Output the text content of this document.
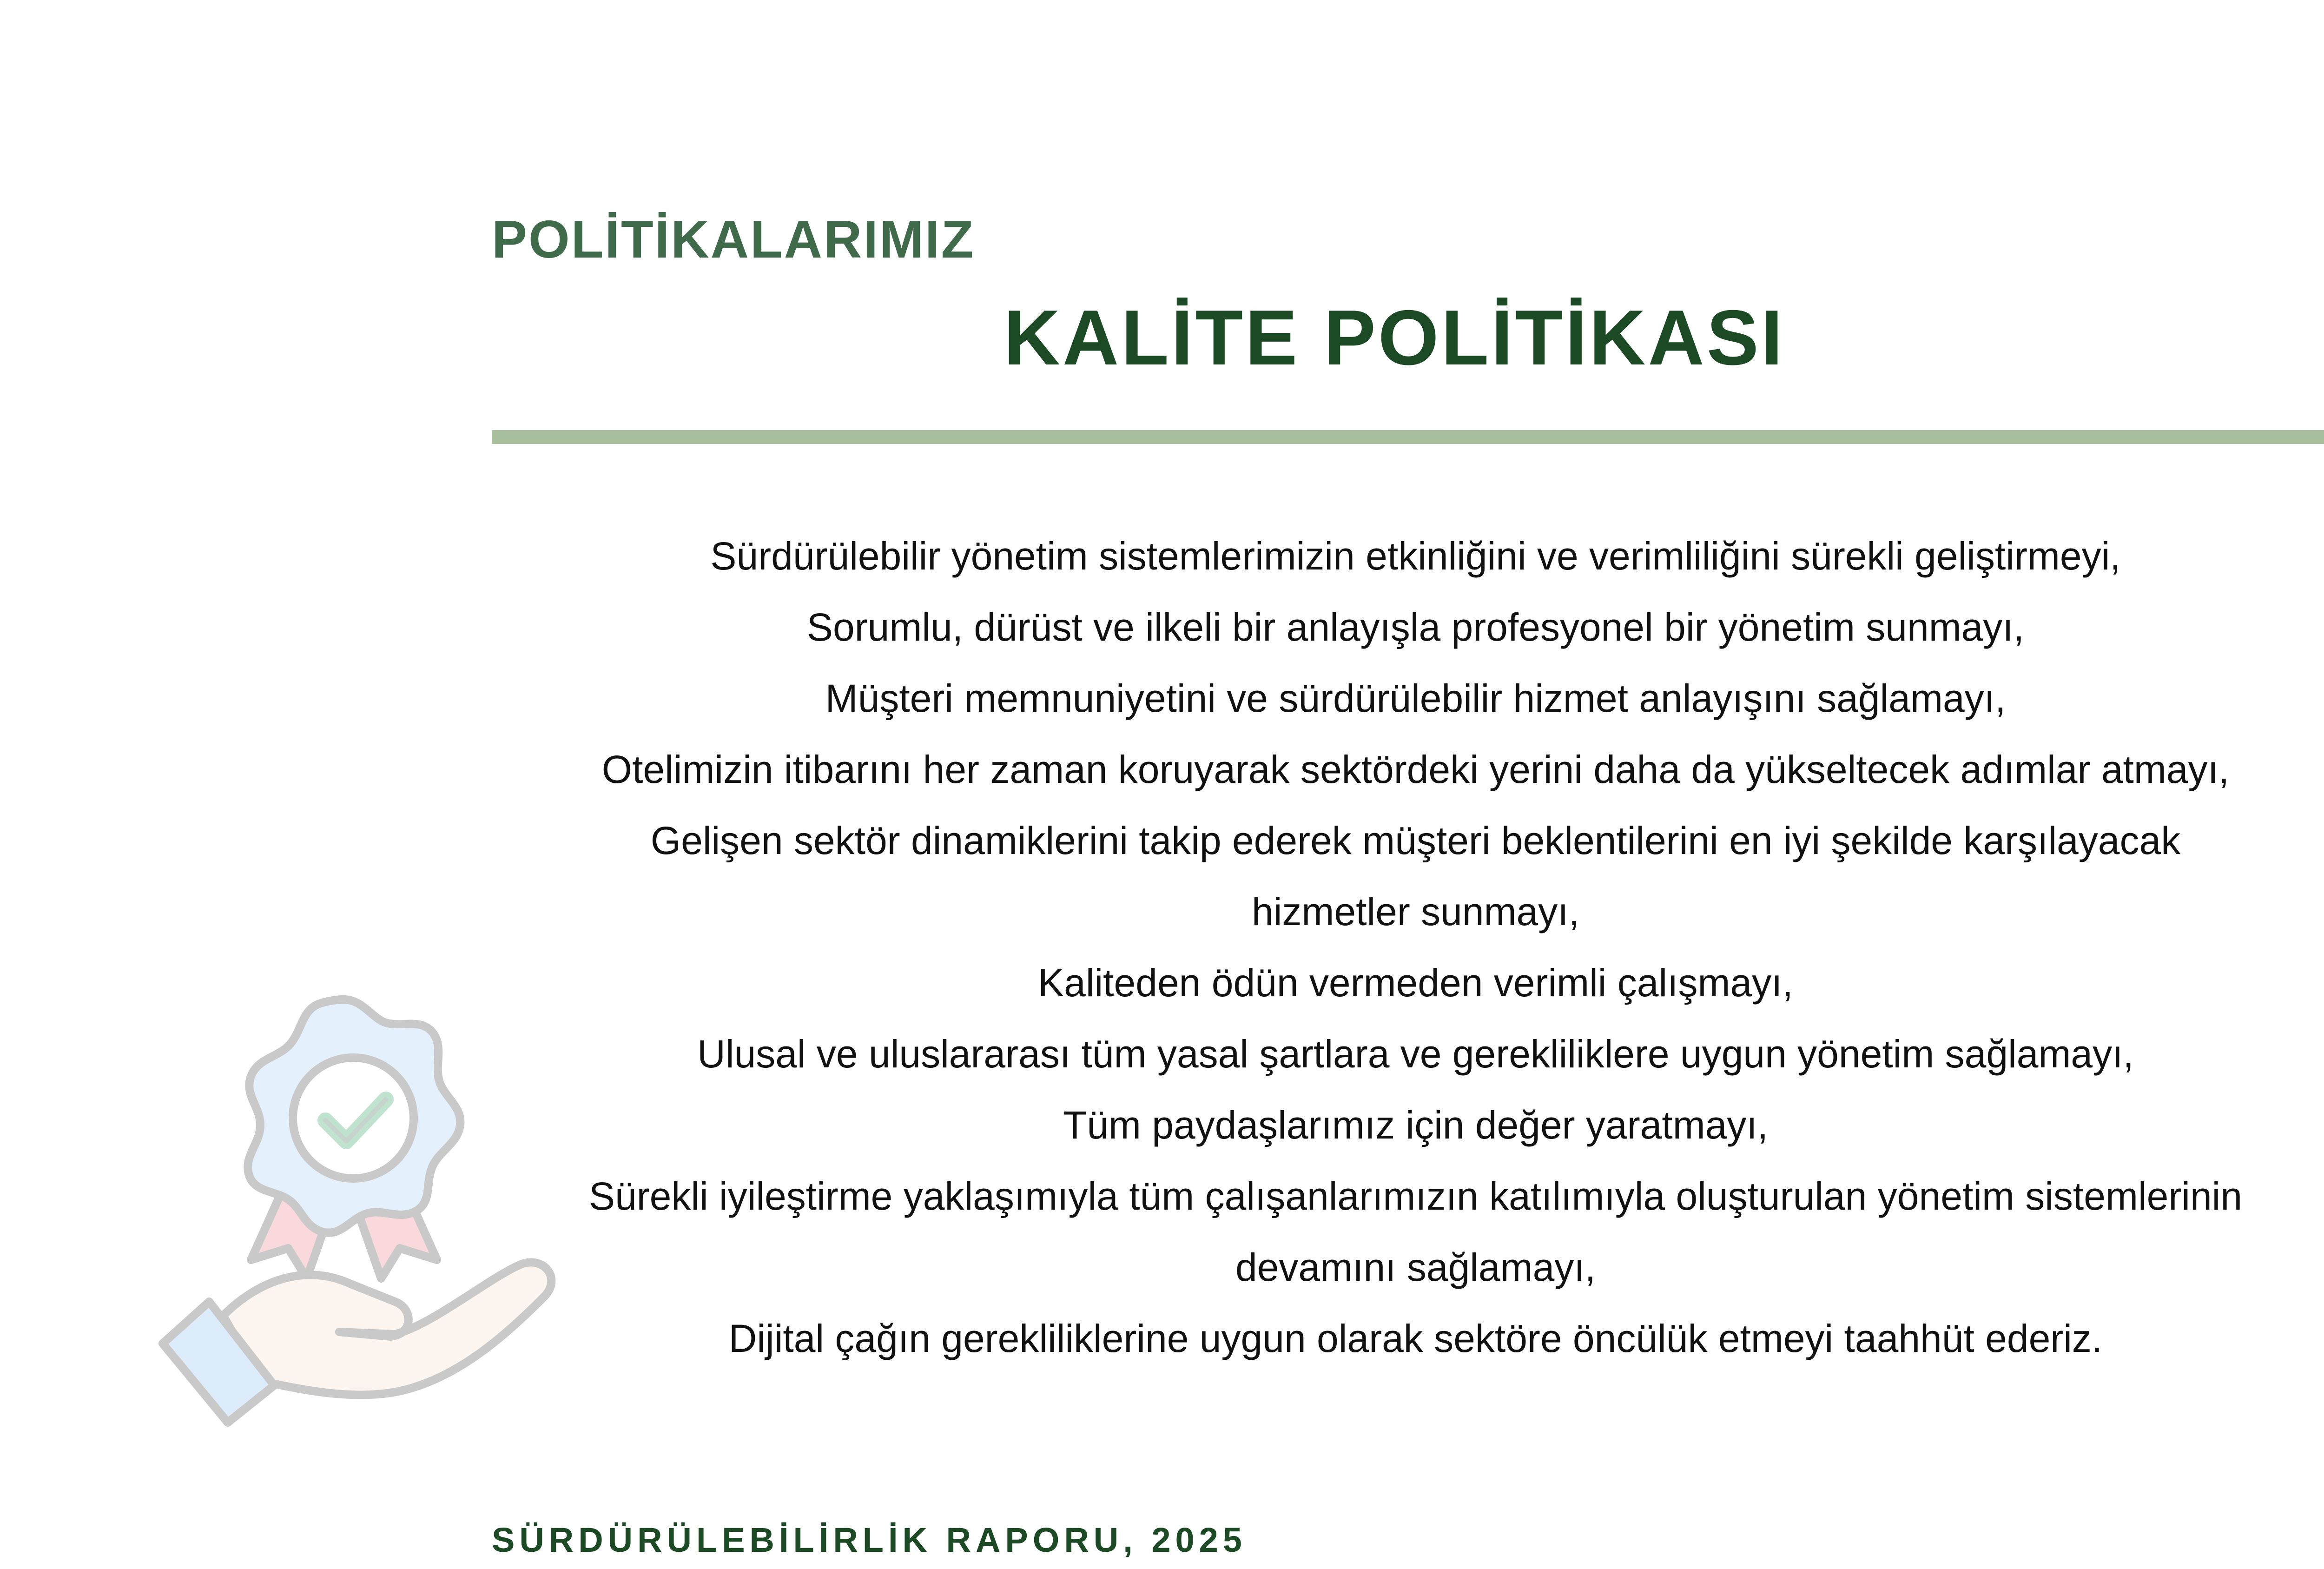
POLİTİKALARIMIZ
KALİTE POLİTİKASI

Sürdürülebilir yönetim sistemlerimizin etkinliğini ve verimliliğini sürekli geliştirmeyi,

Sorumlu, dürüst ve ilkeli bir anlayışla profesyonel bir yönetim sunmayı,

Müşteri memnuniyetini ve sürdürülebilir hizmet anlayışını sağlamayı,

Otelimizin itibarını her zaman koruyarak sektördeki yerini daha da yükseltecek adımlar atmayı,

Gelişen sektör dinamiklerini takip ederek müşteri beklentilerini en iyi şekilde karşılayacak

hizmetler sunmayı,

Kaliteden ödün vermeden verimli çalışmayı,

Ulusal ve uluslararası tüm yasal şartlara ve gerekliliklere uygun yönetim sağlamayı,

Tüm paydaşlarımız için değer yaratmayı,

Sürekli iyileştirme yaklaşımıyla tüm çalışanlarımızın katılımıyla oluşturulan yönetim sistemlerinin

devamını sağlamayı,

Dijital çağın gerekliliklerine uygun olarak sektöre öncülük etmeyi taahhüt ederiz.

SÜRDÜRÜLEBİLİRLİK RAPORU, 2025
